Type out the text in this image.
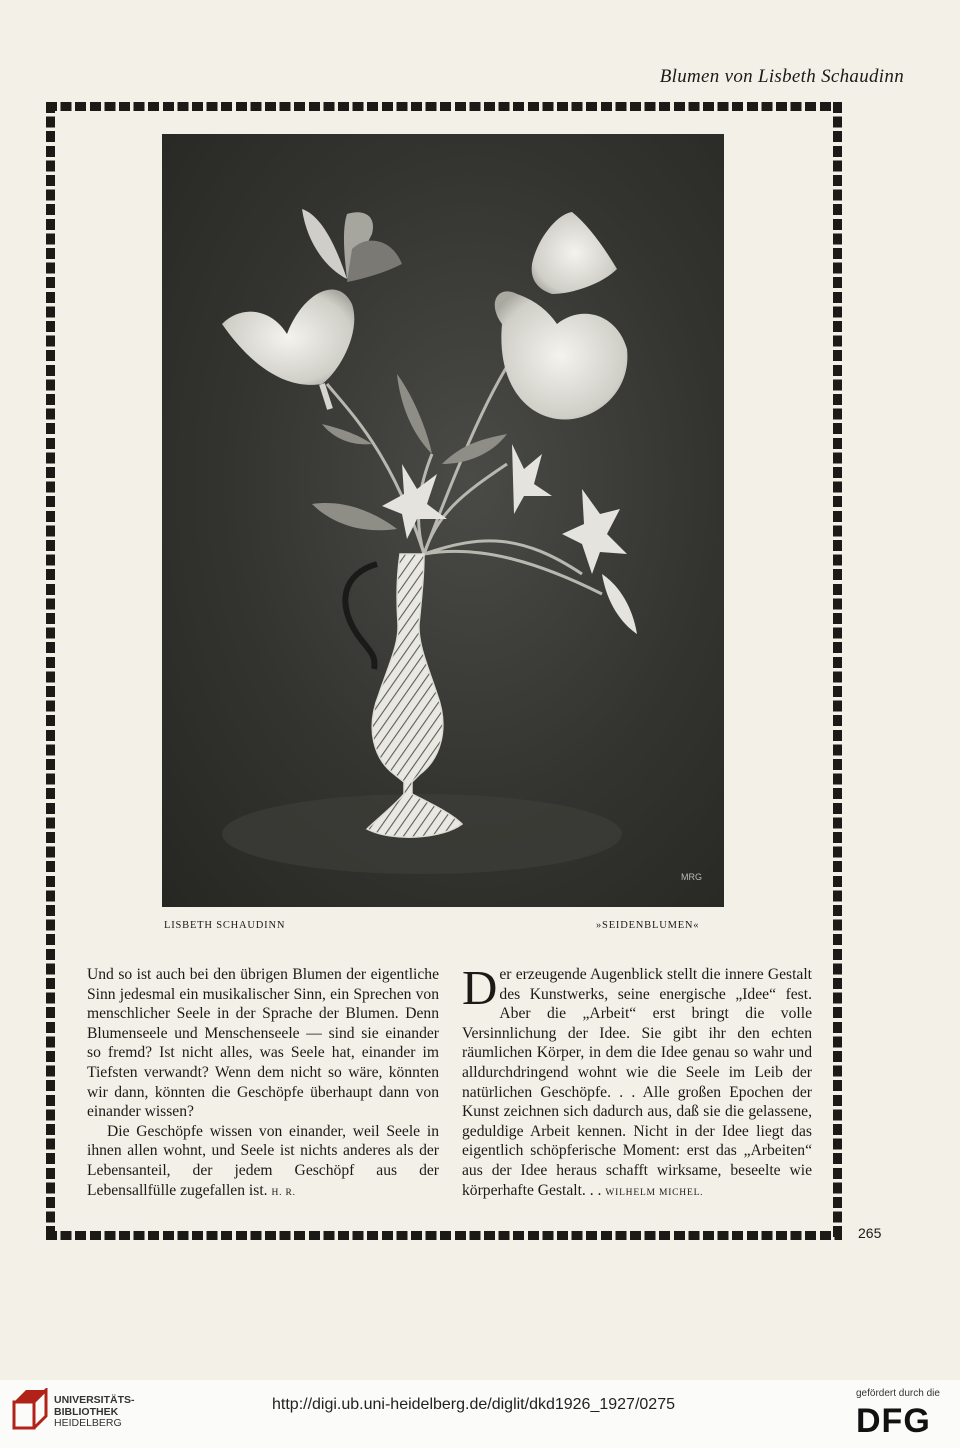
Blumen von Lisbeth Schaudinn
MRG
LISBETH SCHAUDINN	»SEIDENBLUMEN«

Und so ist auch bei den übrigen Blumen der eigentliche Sinn jedesmal ein musikalischer Sinn, ein Sprechen von menschlicher Seele in der Sprache der Blumen. Denn Blumenseele und Menschenseele — sind sie einander so fremd? Ist nicht alles, was Seele hat, einander im Tiefsten verwandt? Wenn dem nicht so wäre, könnten wir dann, könnten die Geschöpfe überhaupt dann von einander wissen?

Die Geschöpfe wissen von einander, weil Seele in ihnen allen wohnt, und Seele ist nichts anderes als der Lebensanteil, der jedem Geschöpf aus der Lebensallfülle zugefallen ist. H. R.

Der erzeugende Augenblick stellt die innere Gestalt des Kunstwerks, seine energische „Idee“ fest. Aber die „Arbeit“ erst bringt die volle Versinnlichung der Idee. Sie gibt ihr den echten räumlichen Körper, in dem die Idee genau so wahr und alldurchdringend wohnt wie die Seele im Leib der natürlichen Geschöpfe. . . Alle großen Epochen der Kunst zeichnen sich dadurch aus, daß sie die gelassene, geduldige Arbeit kennen. Nicht in der Idee liegt das eigentlich schöpferische Moment: erst das „Arbeiten“ aus der Idee heraus schafft wirksame, beseelte wie körperhafte Gestalt. . . WILHELM MICHEL.

265
UNIVERSITÄTS-
BIBLIOTHEK
HEIDELBERG
http://digi.ub.uni-heidelberg.de/diglit/dkd1926_1927/0275
gefördert durch die
DFG
